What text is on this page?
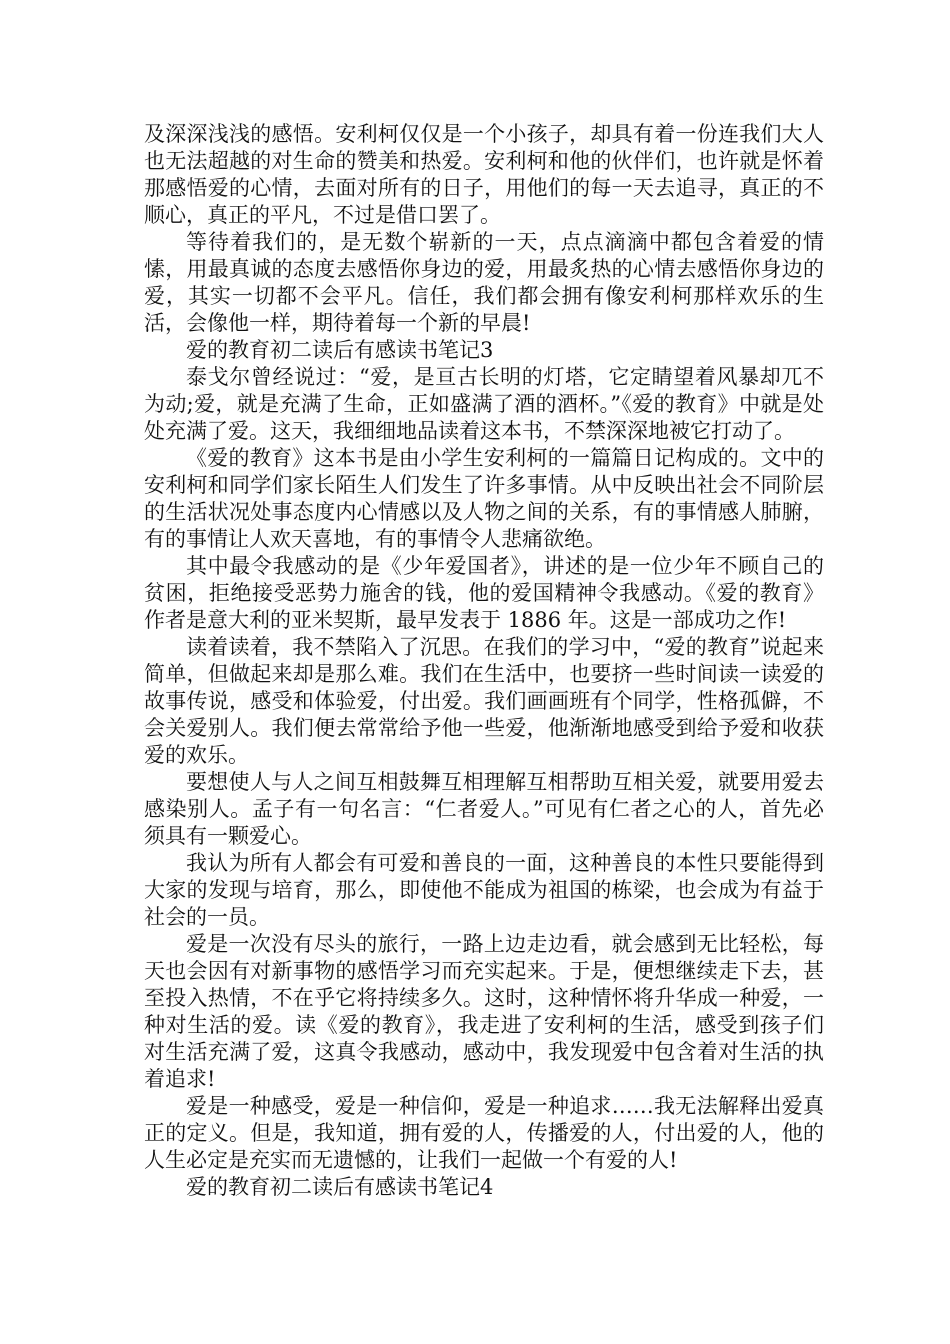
及深深浅浅的感悟。安利柯仅仅是一个小孩子，却具有着一份连我们大人也无法超越的对生命的赞美和热爱。安利柯和他的伙伴们，也许就是怀着那感悟爱的心情，去面对所有的日子，用他们的每一天去追寻，真正的不顺心，真正的平凡，不过是借口罢了。

等待着我们的，是无数个崭新的一天，点点滴滴中都包含着爱的情愫，用最真诚的态度去感悟你身边的爱，用最炙热的心情去感悟你身边的爱，其实一切都不会平凡。信任，我们都会拥有像安利柯那样欢乐的生活，会像他一样，期待着每一个新的早晨!

爱的教育初二读后有感读书笔记3

泰戈尔曾经说过：“爱，是亘古长明的灯塔，它定睛望着风暴却兀不为动;爱，就是充满了生命，正如盛满了酒的酒杯。”《爱的教育》中就是处处充满了爱。这天，我细细地品读着这本书，不禁深深地被它打动了。

《爱的教育》这本书是由小学生安利柯的一篇篇日记构成的。文中的安利柯和同学们家长陌生人们发生了许多事情。从中反映出社会不同阶层的生活状况处事态度内心情感以及人物之间的关系，有的事情感人肺腑，有的事情让人欢天喜地，有的事情令人悲痛欲绝。

其中最令我感动的是《少年爱国者》，讲述的是一位少年不顾自己的贫困，拒绝接受恶势力施舍的钱，他的爱国精神令我感动。《爱的教育》作者是意大利的亚米契斯，最早发表于 1886 年。这是一部成功之作!

读着读着，我不禁陷入了沉思。在我们的学习中，“爱的教育”说起来简单，但做起来却是那么难。我们在生活中，也要挤一些时间读一读爱的故事传说，感受和体验爱，付出爱。我们画画班有个同学，性格孤僻，不会关爱别人。我们便去常常给予他一些爱，他渐渐地感受到给予爱和收获爱的欢乐。

要想使人与人之间互相鼓舞互相理解互相帮助互相关爱，就要用爱去感染别人。孟子有一句名言：“仁者爱人。”可见有仁者之心的人，首先必须具有一颗爱心。

我认为所有人都会有可爱和善良的一面，这种善良的本性只要能得到大家的发现与培育，那么，即使他不能成为祖国的栋梁，也会成为有益于社会的一员。

爱是一次没有尽头的旅行，一路上边走边看，就会感到无比轻松，每天也会因有对新事物的感悟学习而充实起来。于是，便想继续走下去，甚至投入热情，不在乎它将持续多久。这时，这种情怀将升华成一种爱，一种对生活的爱。读《爱的教育》，我走进了安利柯的生活，感受到孩子们对生活充满了爱，这真令我感动，感动中，我发现爱中包含着对生活的执着追求!

爱是一种感受，爱是一种信仰，爱是一种追求……我无法解释出爱真正的定义。但是，我知道，拥有爱的人，传播爱的人，付出爱的人，他的人生必定是充实而无遗憾的，让我们一起做一个有爱的人!

爱的教育初二读后有感读书笔记4
